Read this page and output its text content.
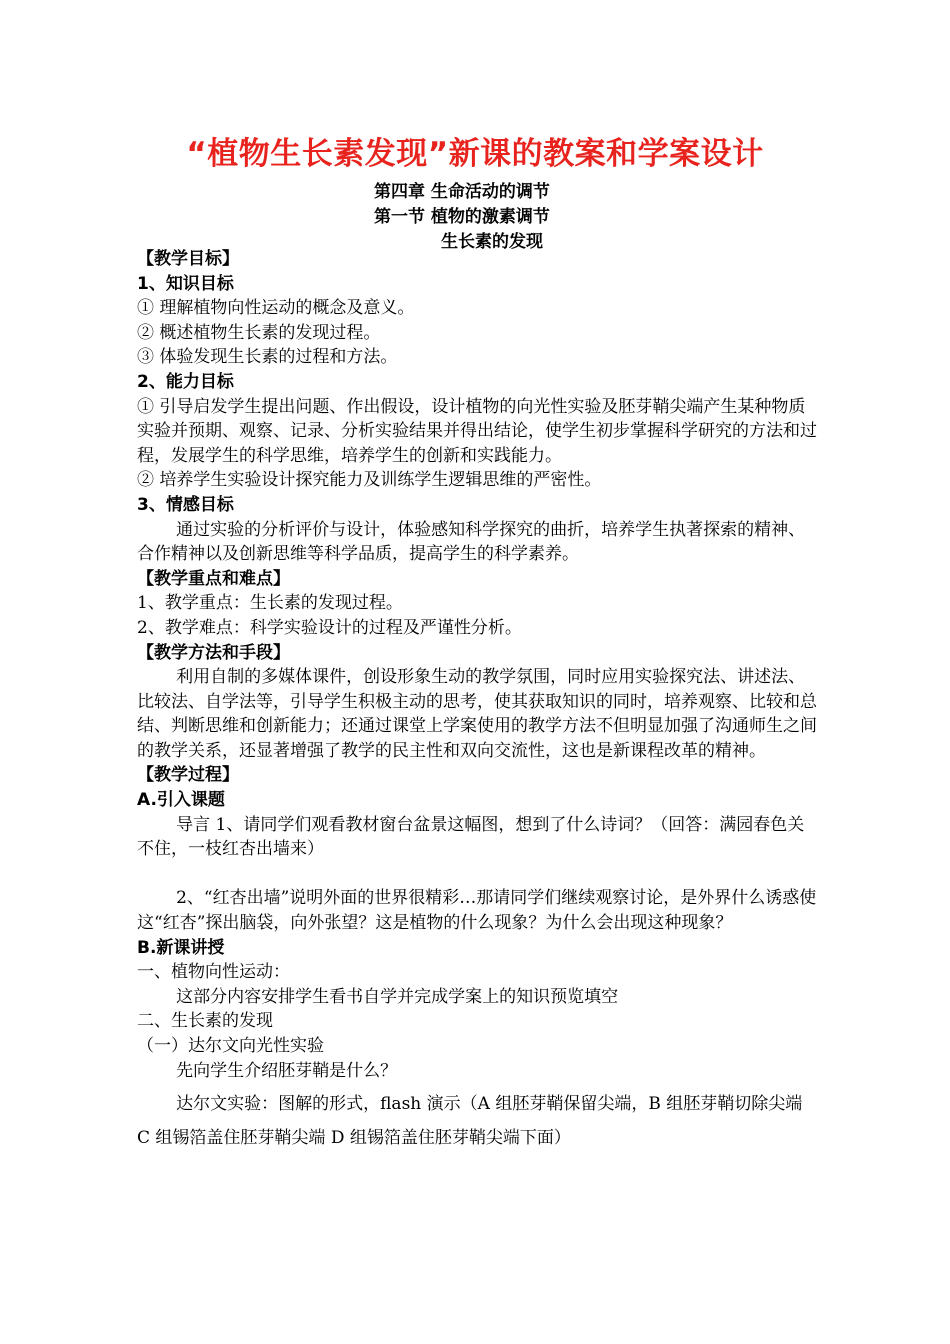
“植物生长素发现”新课的教案和学案设计
第四章 生命活动的调节
第一节 植物的激素调节
生长素的发现

【教学目标】

1、知识目标

① 理解植物向性运动的概念及意义。

② 概述植物生长素的发现过程。

③ 体验发现生长素的过程和方法。

2、能力目标

① 引导启发学生提出问题、作出假设，设计植物的向光性实验及胚芽鞘尖端产生某种物质实验并预期、观察、记录、分析实验结果并得出结论，使学生初步掌握科学研究的方法和过程，发展学生的科学思维，培养学生的创新和实践能力。

② 培养学生实验设计探究能力及训练学生逻辑思维的严密性。

3、情感目标

通过实验的分析评价与设计，体验感知科学探究的曲折，培养学生执著探索的精神、合作精神以及创新思维等科学品质，提高学生的科学素养。

【教学重点和难点】

1、教学重点：生长素的发现过程。

2、教学难点：科学实验设计的过程及严谨性分析。

【教学方法和手段】

利用自制的多媒体课件，创设形象生动的教学氛围，同时应用实验探究法、讲述法、比较法、自学法等，引导学生积极主动的思考，使其获取知识的同时，培养观察、比较和总结、判断思维和创新能力；还通过课堂上学案使用的教学方法不但明显加强了沟通师生之间的教学关系，还显著增强了教学的民主性和双向交流性，这也是新课程改革的精神。

【教学过程】

A.引入课题

导言 1、请同学们观看教材窗台盆景这幅图，想到了什么诗词？（回答：满园春色关不住，一枝红杏出墙来）

2、“红杏出墙”说明外面的世界很精彩…那请同学们继续观察讨论，是外界什么诱惑使这“红杏”探出脑袋，向外张望？这是植物的什么现象？为什么会出现这种现象？

B.新课讲授

一、植物向性运动：

这部分内容安排学生看书自学并完成学案上的知识预览填空

二、生长素的发现

（一）达尔文向光性实验

先向学生介绍胚芽鞘是什么？

达尔文实验：图解的形式，flash 演示（A 组胚芽鞘保留尖端，B 组胚芽鞘切除尖端 C 组锡箔盖住胚芽鞘尖端 D 组锡箔盖住胚芽鞘尖端下面）
